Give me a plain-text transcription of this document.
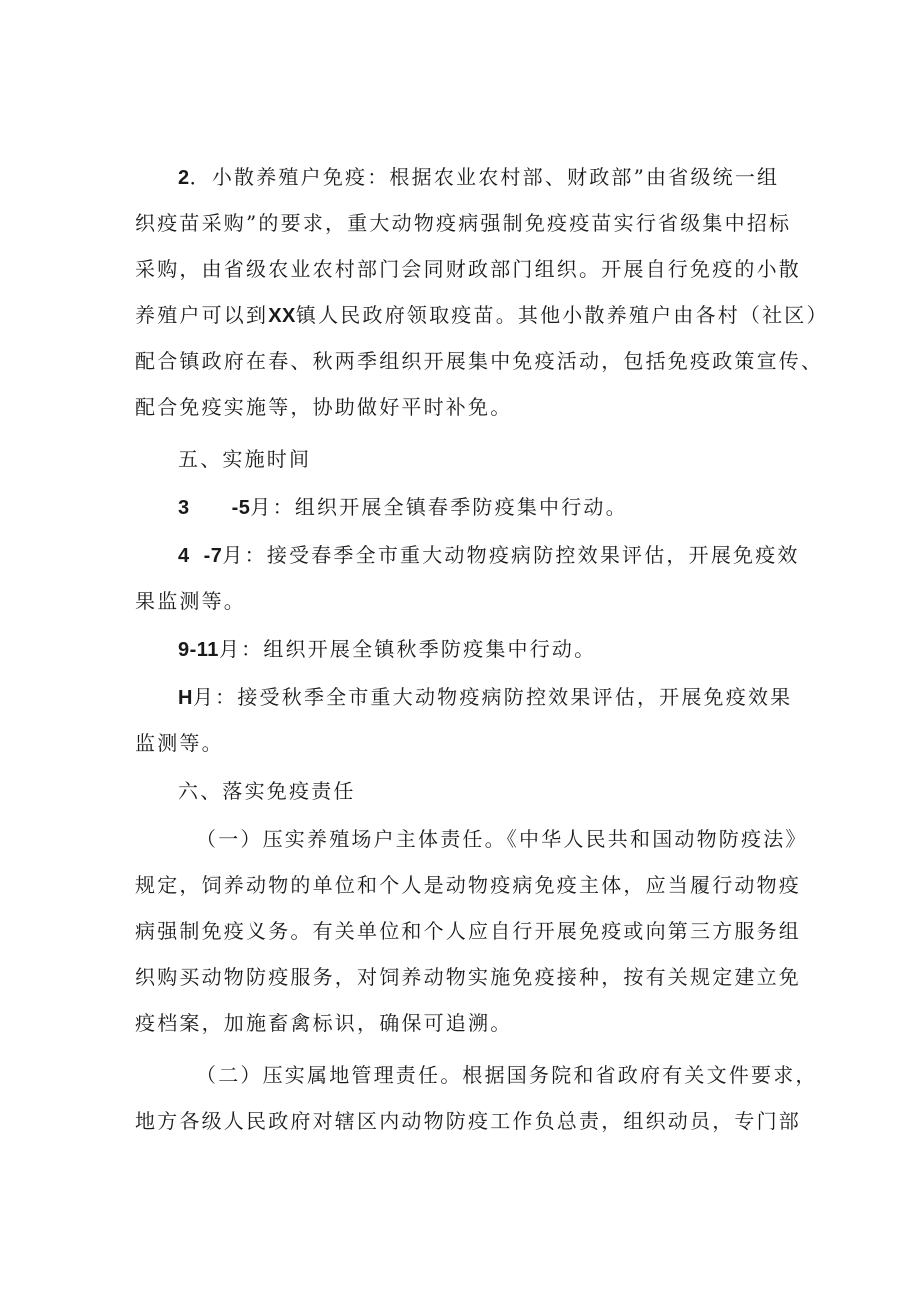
2．小散养殖户免疫：根据农业农村部、财政部”由省级统一组
织疫苗采购”的要求，重大动物疫病强制免疫疫苗实行省级集中招标
采购，由省级农业农村部门会同财政部门组织。开展自行免疫的小散
养殖户可以到XX镇人民政府领取疫苗。其他小散养殖户由各村（社区）
配合镇政府在春、秋两季组织开展集中免疫活动，包括免疫政策宣传、
配合免疫实施等，协助做好平时补免。
五、实施时间
3 -5月：组织开展全镇春季防疫集中行动。
4 -7月：接受春季全市重大动物疫病防控效果评估，开展免疫效
果监测等。
9-11月：组织开展全镇秋季防疫集中行动。
H月：接受秋季全市重大动物疫病防控效果评估，开展免疫效果
监测等。
六、落实免疫责任
（一）压实养殖场户主体责任。《中华人民共和国动物防疫法》
规定，饲养动物的单位和个人是动物疫病免疫主体，应当履行动物疫
病强制免疫义务。有关单位和个人应自行开展免疫或向第三方服务组
织购买动物防疫服务，对饲养动物实施免疫接种，按有关规定建立免
疫档案，加施畜禽标识，确保可追溯。
（二）压实属地管理责任。根据国务院和省政府有关文件要求，
地方各级人民政府对辖区内动物防疫工作负总责，组织动员，专门部
